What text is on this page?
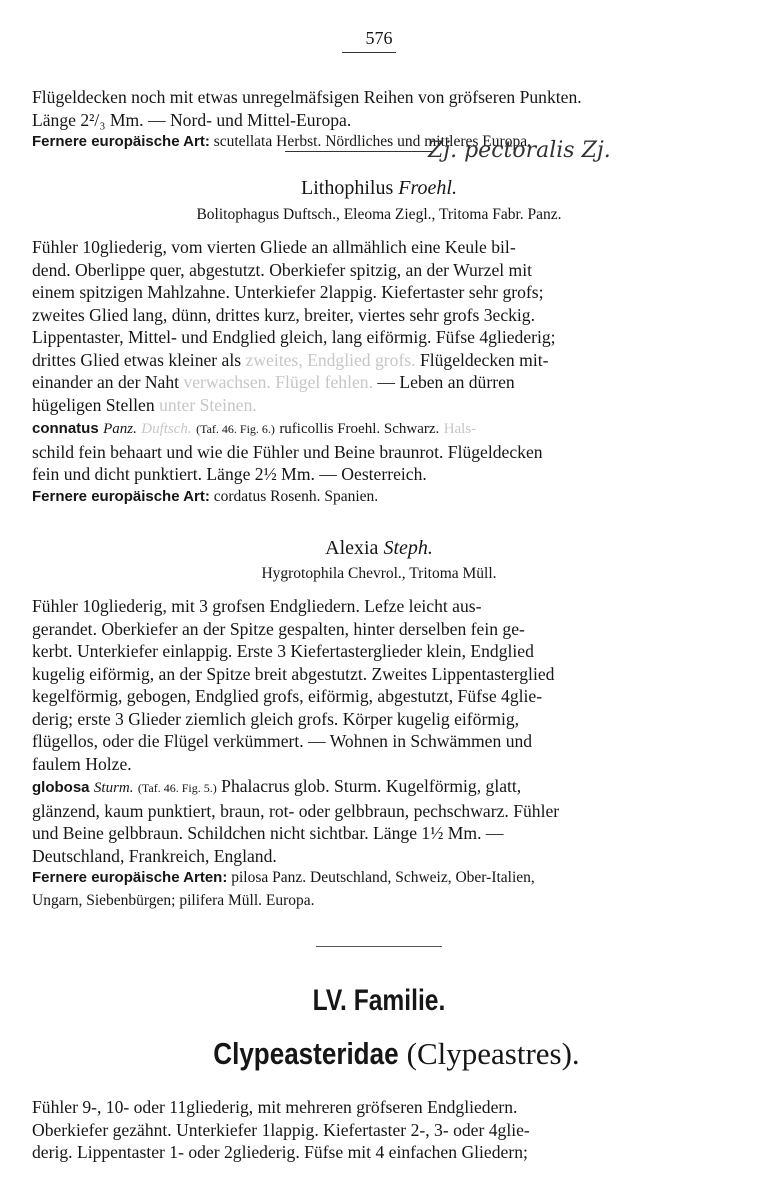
576

Flügeldecken noch mit etwas unregelmäfsigen Reihen von gröfseren Punkten.

Länge 2²/₃ Mm. — Nord- und Mittel-Europa.

Fernere europäische Art: scutellata Herbst. Nördliches und mittleres Europa.

Zj. pectoralis Zj.
Lithophilus Froehl.
Bolitophagus Duftsch., Eleoma Ziegl., Tritoma Fabr. Panz.

Fühler 10gliederig, vom vierten Gliede an allmählich eine Keule bil-

dend. Oberlippe quer, abgestutzt. Oberkiefer spitzig, an der Wurzel mit

einem spitzigen Mahlzahne. Unterkiefer 2lappig. Kiefertaster sehr grofs;

zweites Glied lang, dünn, drittes kurz, breiter, viertes sehr grofs 3eckig.

Lippentaster, Mittel- und Endglied gleich, lang eiförmig. Füfse 4gliederig;

drittes Glied etwas kleiner als zweites, Endglied grofs. Flügeldecken mit-

einander an der Naht verwachsen. Flügel fehlen. — Leben an dürren

hügeligen Stellen unter Steinen.

connatus Panz. Duftsch. (Taf. 46. Fig. 6.) ruficollis Froehl. Schwarz. Hals-

schild fein behaart und wie die Fühler und Beine braunrot. Flügeldecken

fein und dicht punktiert. Länge 2½ Mm. — Oesterreich.

Fernere europäische Art: cordatus Rosenh. Spanien.

Alexia Steph.
Hygrotophila Chevrol., Tritoma Müll.

Fühler 10gliederig, mit 3 grofsen Endgliedern. Lefze leicht aus-

gerandet. Oberkiefer an der Spitze gespalten, hinter derselben fein ge-

kerbt. Unterkiefer einlappig. Erste 3 Kiefertasterglieder klein, Endglied

kugelig eiförmig, an der Spitze breit abgestutzt. Zweites Lippentasterglied

kegelförmig, gebogen, Endglied grofs, eiförmig, abgestutzt, Füfse 4glie-

derig; erste 3 Glieder ziemlich gleich grofs. Körper kugelig eiförmig,

flügellos, oder die Flügel verkümmert. — Wohnen in Schwämmen und

faulem Holze.

globosa Sturm. (Taf. 46. Fig. 5.) Phalacrus glob. Sturm. Kugelförmig, glatt,

glänzend, kaum punktiert, braun, rot- oder gelbbraun, pechschwarz. Fühler

und Beine gelbbraun. Schildchen nicht sichtbar. Länge 1½ Mm. —

Deutschland, Frankreich, England.

Fernere europäische Arten: pilosa Panz. Deutschland, Schweiz, Ober-Italien,

Ungarn, Siebenbürgen; pilifera Müll. Europa.

LV. Familie.
Clypeasteridae (Clypeastres).

Fühler 9-, 10- oder 11gliederig, mit mehreren gröfseren Endgliedern.

Oberkiefer gezähnt. Unterkiefer 1lappig. Kiefertaster 2-, 3- oder 4glie-

derig. Lippentaster 1- oder 2gliederig. Füfse mit 4 einfachen Gliedern;
